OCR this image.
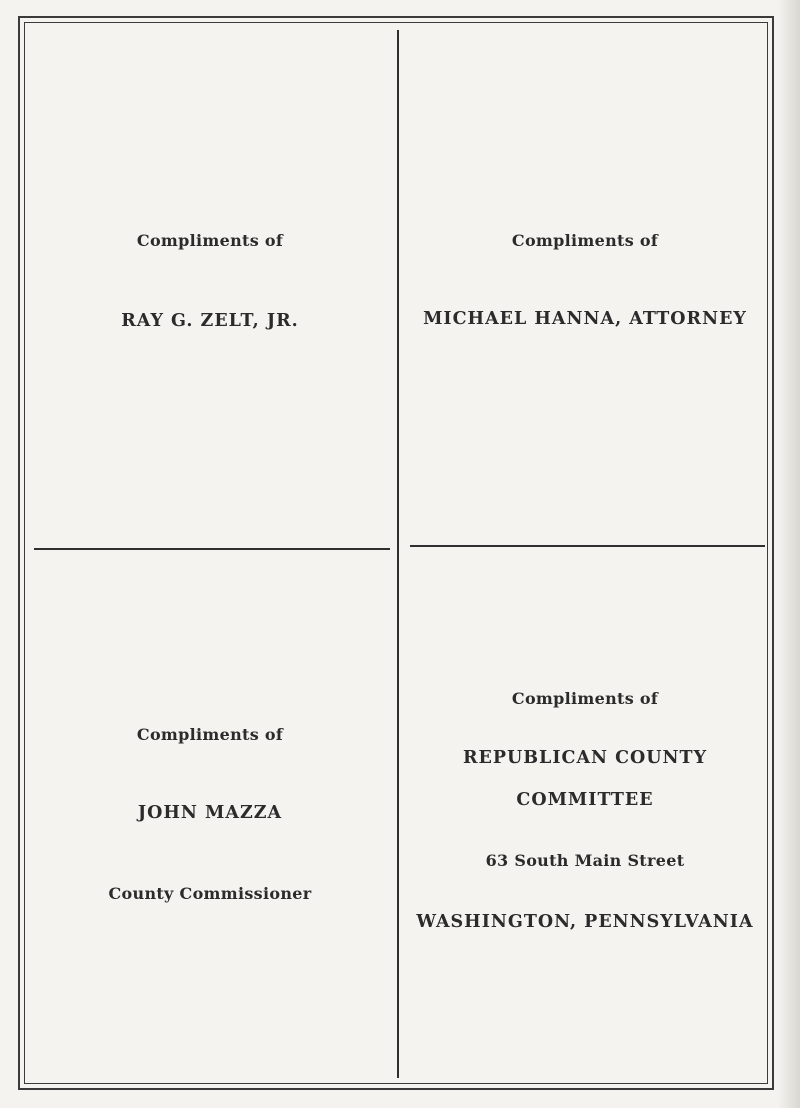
Compliments of
RAY G. ZELT, JR.
Compliments of
MICHAEL HANNA, ATTORNEY
Compliments of
JOHN MAZZA
County Commissioner
Compliments of
REPUBLICAN COUNTY
COMMITTEE
63 South Main Street
WASHINGTON, PENNSYLVANIA
